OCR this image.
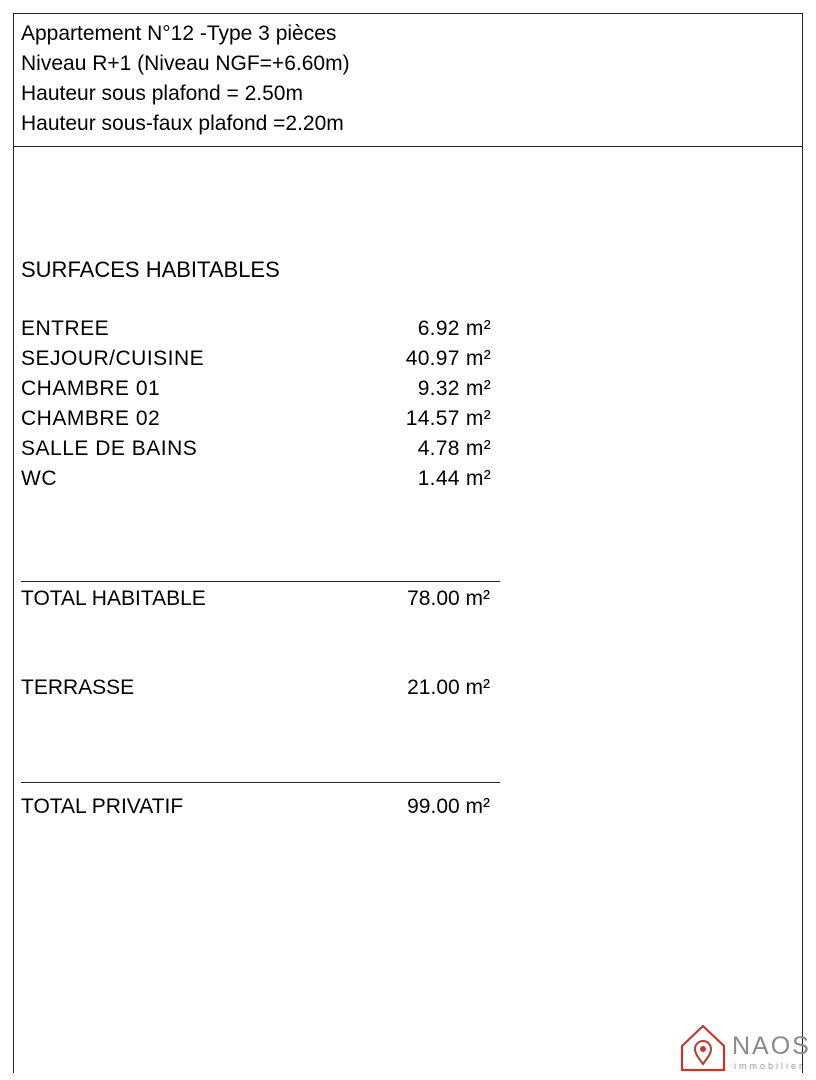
Appartement N°12 -Type 3 pièces
Niveau R+1 (Niveau NGF=+6.60m)
Hauteur sous plafond = 2.50m
Hauteur sous-faux plafond =2.20m
SURFACES HABITABLES
ENTREE	6.92 m²
SEJOUR/CUISINE	40.97 m²
CHAMBRE 01	9.32 m²
CHAMBRE 02	14.57 m²
SALLE DE BAINS	4.78 m²
WC	1.44 m²
TOTAL HABITABLE	78.00 m²
TERRASSE	21.00 m²
TOTAL PRIVATIF	99.00 m²
NAOS
immobilier
